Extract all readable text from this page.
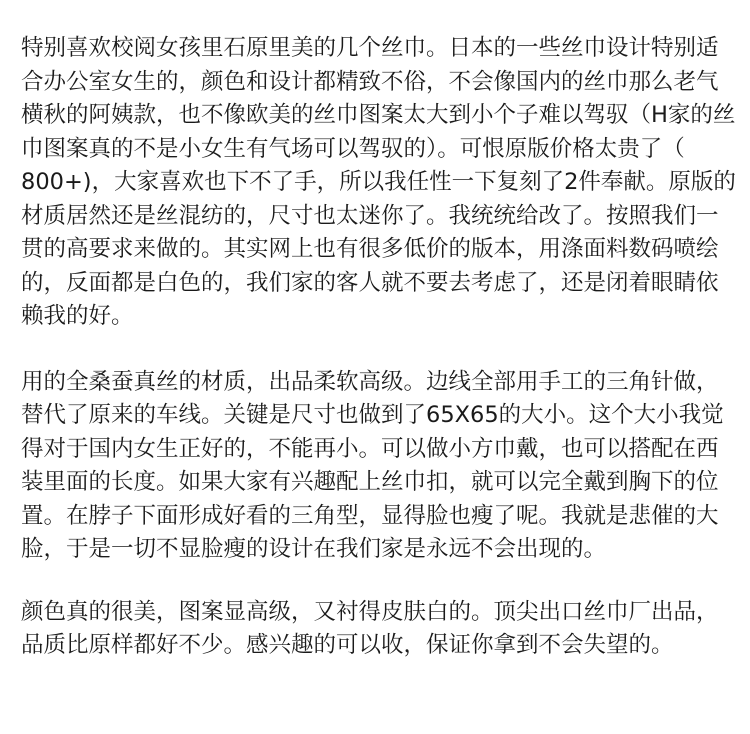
特别喜欢校阅女孩里石原里美的几个丝巾。日本的一些丝巾设计特别适
合办公室女生的，颜色和设计都精致不俗，不会像国内的丝巾那么老气
横秋的阿姨款，也不像欧美的丝巾图案太大到小个子难以驾驭（H家的丝
巾图案真的不是小女生有气场可以驾驭的）。可恨原版价格太贵了（
800+)，大家喜欢也下不了手，所以我任性一下复刻了2件奉献。原版的
材质居然还是丝混纺的，尺寸也太迷你了。我统统给改了。按照我们一
贯的高要求来做的。其实网上也有很多低价的版本，用涤面料数码喷绘
的，反面都是白色的，我们家的客人就不要去考虑了，还是闭着眼睛依
赖我的好。
用的全桑蚕真丝的材质，出品柔软高级。边线全部用手工的三角针做，
替代了原来的车线。关键是尺寸也做到了65X65的大小。这个大小我觉
得对于国内女生正好的，不能再小。可以做小方巾戴，也可以搭配在西
装里面的长度。如果大家有兴趣配上丝巾扣，就可以完全戴到胸下的位
置。在脖子下面形成好看的三角型，显得脸也瘦了呢。我就是悲催的大
脸，于是一切不显脸瘦的设计在我们家是永远不会出现的。
颜色真的很美，图案显高级，又衬得皮肤白的。顶尖出口丝巾厂出品，
品质比原样都好不少。感兴趣的可以收，保证你拿到不会失望的。
